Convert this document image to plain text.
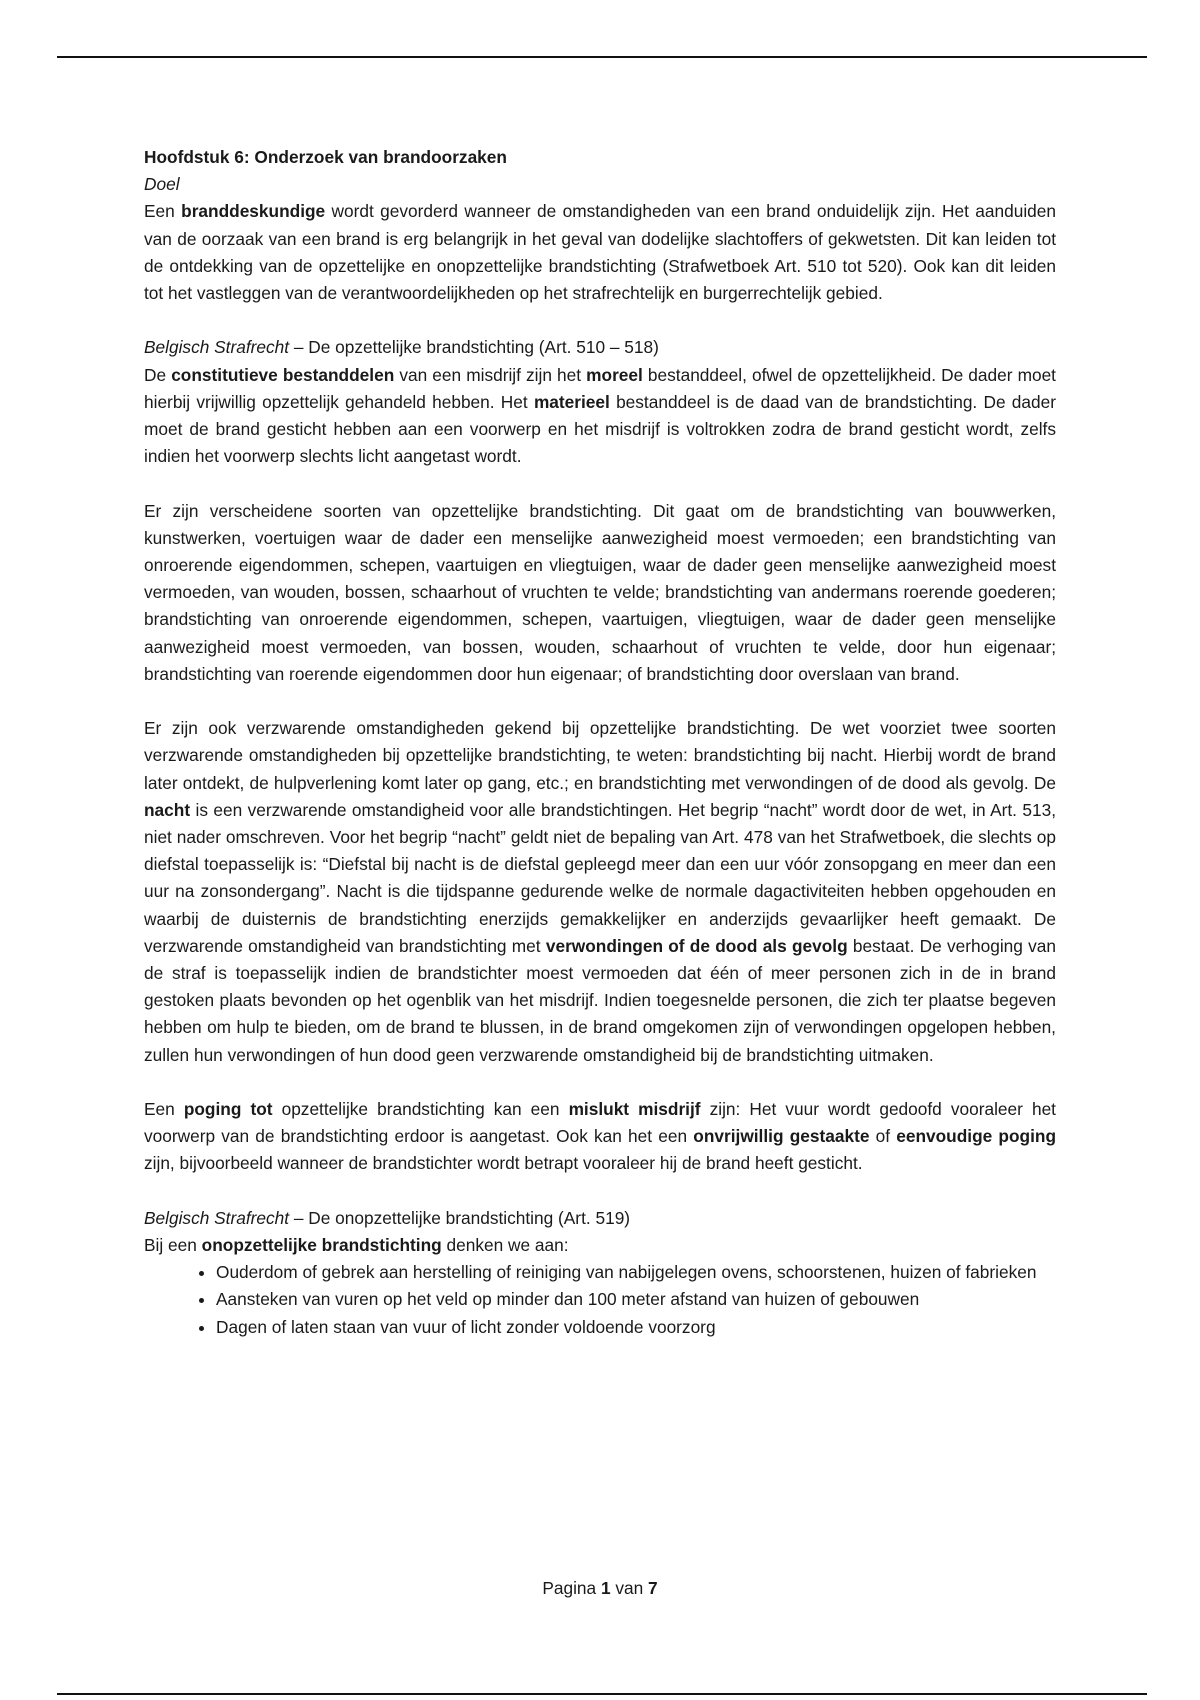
Hoofdstuk 6: Onderzoek van brandoorzaken

Doel

Een branddeskundige wordt gevorderd wanneer de omstandigheden van een brand onduidelijk zijn. Het aanduiden van de oorzaak van een brand is erg belangrijk in het geval van dodelijke slachtoffers of gekwetsten. Dit kan leiden tot de ontdekking van de opzettelijke en onopzettelijke brandstichting (Strafwetboek Art. 510 tot 520). Ook kan dit leiden tot het vastleggen van de verantwoordelijkheden op het strafrechtelijk en burgerrechtelijk gebied.

Belgisch Strafrecht – De opzettelijke brandstichting (Art. 510 – 518)

De constitutieve bestanddelen van een misdrijf zijn het moreel bestanddeel, ofwel de opzettelijkheid. De dader moet hierbij vrijwillig opzettelijk gehandeld hebben. Het materieel bestanddeel is de daad van de brandstichting. De dader moet de brand gesticht hebben aan een voorwerp en het misdrijf is voltrokken zodra de brand gesticht wordt, zelfs indien het voorwerp slechts licht aangetast wordt.

Er zijn verscheidene soorten van opzettelijke brandstichting. Dit gaat om de brandstichting van bouwwerken, kunstwerken, voertuigen waar de dader een menselijke aanwezigheid moest vermoeden; een brandstichting van onroerende eigendommen, schepen, vaartuigen en vliegtuigen, waar de dader geen menselijke aanwezigheid moest vermoeden, van wouden, bossen, schaarhout of vruchten te velde; brandstichting van andermans roerende goederen; brandstichting van onroerende eigendommen, schepen, vaartuigen, vliegtuigen, waar de dader geen menselijke aanwezigheid moest vermoeden, van bossen, wouden, schaarhout of vruchten te velde, door hun eigenaar; brandstichting van roerende eigendommen door hun eigenaar; of brandstichting door overslaan van brand.

Er zijn ook verzwarende omstandigheden gekend bij opzettelijke brandstichting. De wet voorziet twee soorten verzwarende omstandigheden bij opzettelijke brandstichting, te weten: brandstichting bij nacht. Hierbij wordt de brand later ontdekt, de hulpverlening komt later op gang, etc.; en brandstichting met verwondingen of de dood als gevolg. De nacht is een verzwarende omstandigheid voor alle brandstichtingen. Het begrip “nacht” wordt door de wet, in Art. 513, niet nader omschreven. Voor het begrip “nacht” geldt niet de bepaling van Art. 478 van het Strafwetboek, die slechts op diefstal toepasselijk is: “Diefstal bij nacht is de diefstal gepleegd meer dan een uur vóór zonsopgang en meer dan een uur na zonsondergang”. Nacht is die tijdspanne gedurende welke de normale dagactiviteiten hebben opgehouden en waarbij de duisternis de brandstichting enerzijds gemakkelijker en anderzijds gevaarlijker heeft gemaakt. De verzwarende omstandigheid van brandstichting met verwondingen of de dood als gevolg bestaat. De verhoging van de straf is toepasselijk indien de brandstichter moest vermoeden dat één of meer personen zich in de in brand gestoken plaats bevonden op het ogenblik van het misdrijf. Indien toegesnelde personen, die zich ter plaatse begeven hebben om hulp te bieden, om de brand te blussen, in de brand omgekomen zijn of verwondingen opgelopen hebben, zullen hun verwondingen of hun dood geen verzwarende omstandigheid bij de brandstichting uitmaken.

Een poging tot opzettelijke brandstichting kan een mislukt misdrijf zijn: Het vuur wordt gedoofd vooraleer het voorwerp van de brandstichting erdoor is aangetast. Ook kan het een onvrijwillig gestaakte of eenvoudige poging zijn, bijvoorbeeld wanneer de brandstichter wordt betrapt vooraleer hij de brand heeft gesticht.

Belgisch Strafrecht – De onopzettelijke brandstichting (Art. 519)

Bij een onopzettelijke brandstichting denken we aan:

• Ouderdom of gebrek aan herstelling of reiniging van nabijgelegen ovens, schoorstenen, huizen of fabrieken
• Aansteken van vuren op het veld op minder dan 100 meter afstand van huizen of gebouwen
• Dagen of laten staan van vuur of licht zonder voldoende voorzorg
Pagina 1 van 7
